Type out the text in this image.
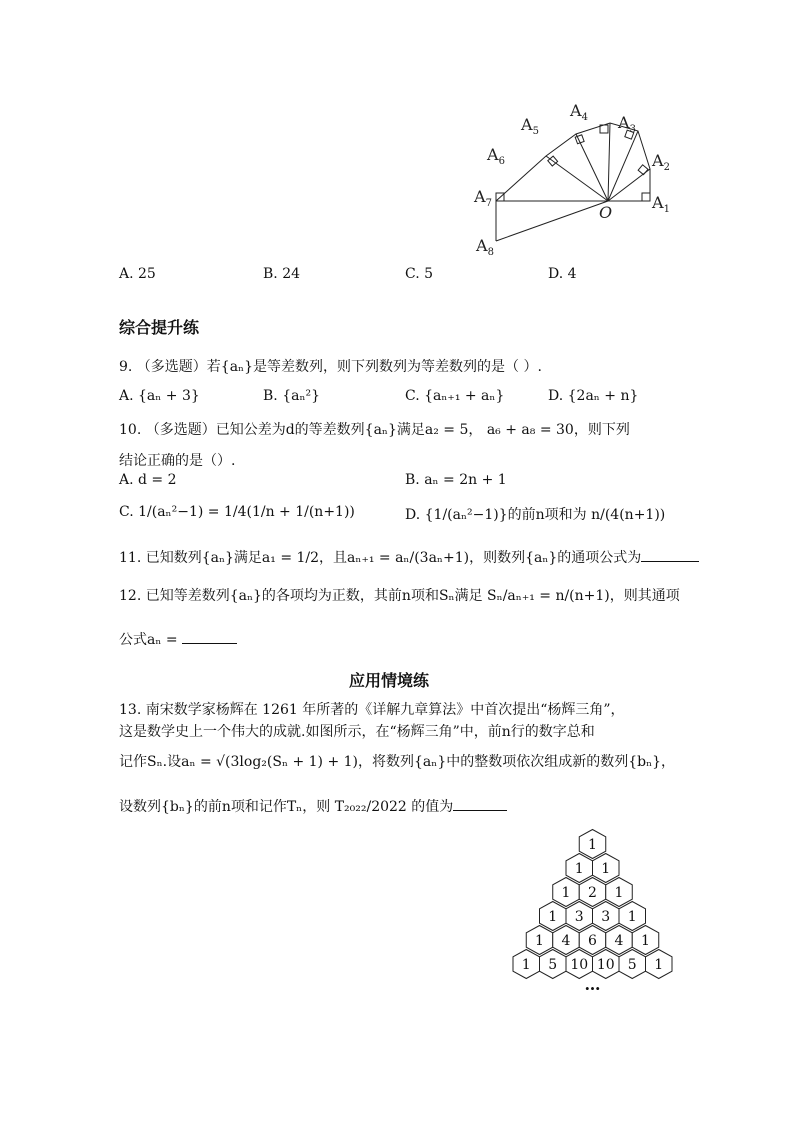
$A_1$
$A_2$
$A_3$
$A_4$
$A_5$
$A_6$
$A_7$
$A_8$
O
A. 25	B. 24	C. 5	D. 4
综合提升练
9. （多选题）若{aₙ}是等差数列，则下列数列为等差数列的是（ ）.
A. {aₙ + 3}	B. {aₙ²}	C. {aₙ₊₁ + aₙ}	D. {2aₙ + n}
10. （多选题）已知公差为d的等差数列{aₙ}满足a₂ = 5， a₆ + a₈ = 30，则下列
结论正确的是（）.
A. d = 2	B. aₙ = 2n + 1
C. 1/(aₙ²−1) = 1/4(1/n + 1/(n+1))	D. {1/(aₙ²−1)}的前n项和为 n/(4(n+1))
11. 已知数列{aₙ}满足a₁ = 1/2，且aₙ₊₁ = aₙ/(3aₙ+1)，则数列{aₙ}的通项公式为
12. 已知等差数列{aₙ}的各项均为正数，其前n项和Sₙ满足 Sₙ/aₙ₊₁ = n/(n+1)，则其通项
公式aₙ =
应用情境练
13. 南宋数学家杨辉在 1261 年所著的《详解九章算法》中首次提出“杨辉三角”，
这是数学史上一个伟大的成就.如图所示，在“杨辉三角”中，前n行的数字总和
记作Sₙ.设aₙ = √(3log₂(Sₙ + 1) + 1)，将数列{aₙ}中的整数项依次组成新的数列{bₙ}，
设数列{bₙ}的前n项和记作Tₙ，则 T₂₀₂₂/2022 的值为
1
1 1
1 2 1
1 3 3 1
1 4 6 4 1
1 5 10 10 5 1
…
